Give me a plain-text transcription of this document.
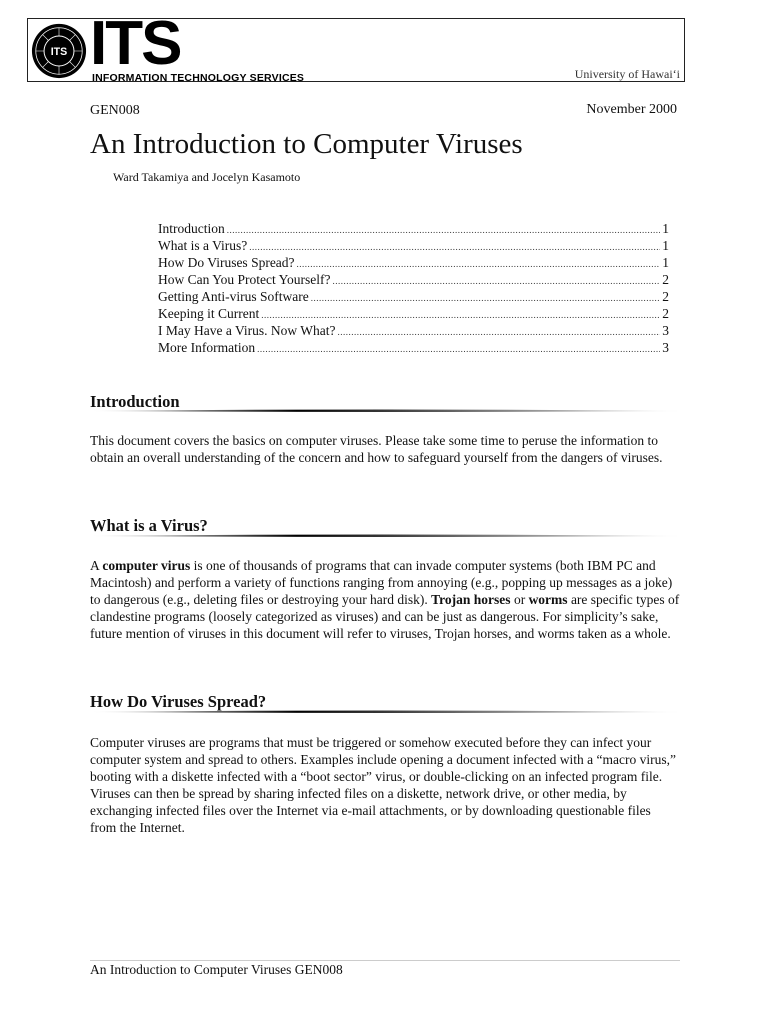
ITS ITS
INFORMATION TECHNOLOGY SERVICES	University of Hawaiʻi
GEN008	November 2000
An Introduction to Computer Viruses
Ward Takamiya and Jocelyn Kasamoto
Introduction .....	1
What is a Virus? .....	1
How Do Viruses Spread? .....	1
How Can You Protect Yourself? .....	2
Getting Anti-virus Software .....	2
Keeping it Current .....	2
I May Have a Virus. Now What? .....	3
More Information .....	3
Introduction

This document covers the basics on computer viruses. Please take some time to peruse the information to obtain an overall understanding of the concern and how to safeguard yourself from the dangers of viruses.

What is a Virus?

A computer virus is one of thousands of programs that can invade computer systems (both IBM PC and Macintosh) and perform a variety of functions ranging from annoying (e.g., popping up messages as a joke) to dangerous (e.g., deleting files or destroying your hard disk). Trojan horses or worms are specific types of clandestine programs (loosely categorized as viruses) and can be just as dangerous. For simplicity’s sake, future mention of viruses in this document will refer to viruses, Trojan horses, and worms taken as a whole.

How Do Viruses Spread?

Computer viruses are programs that must be triggered or somehow executed before they can infect your computer system and spread to others. Examples include opening a document infected with a “macro virus,” booting with a diskette infected with a “boot sector” virus, or double-clicking on an infected program file. Viruses can then be spread by sharing infected files on a diskette, network drive, or other media, by exchanging infected files over the Internet via e-mail attachments, or by downloading questionable files from the Internet.

An Introduction to Computer Viruses GEN008
